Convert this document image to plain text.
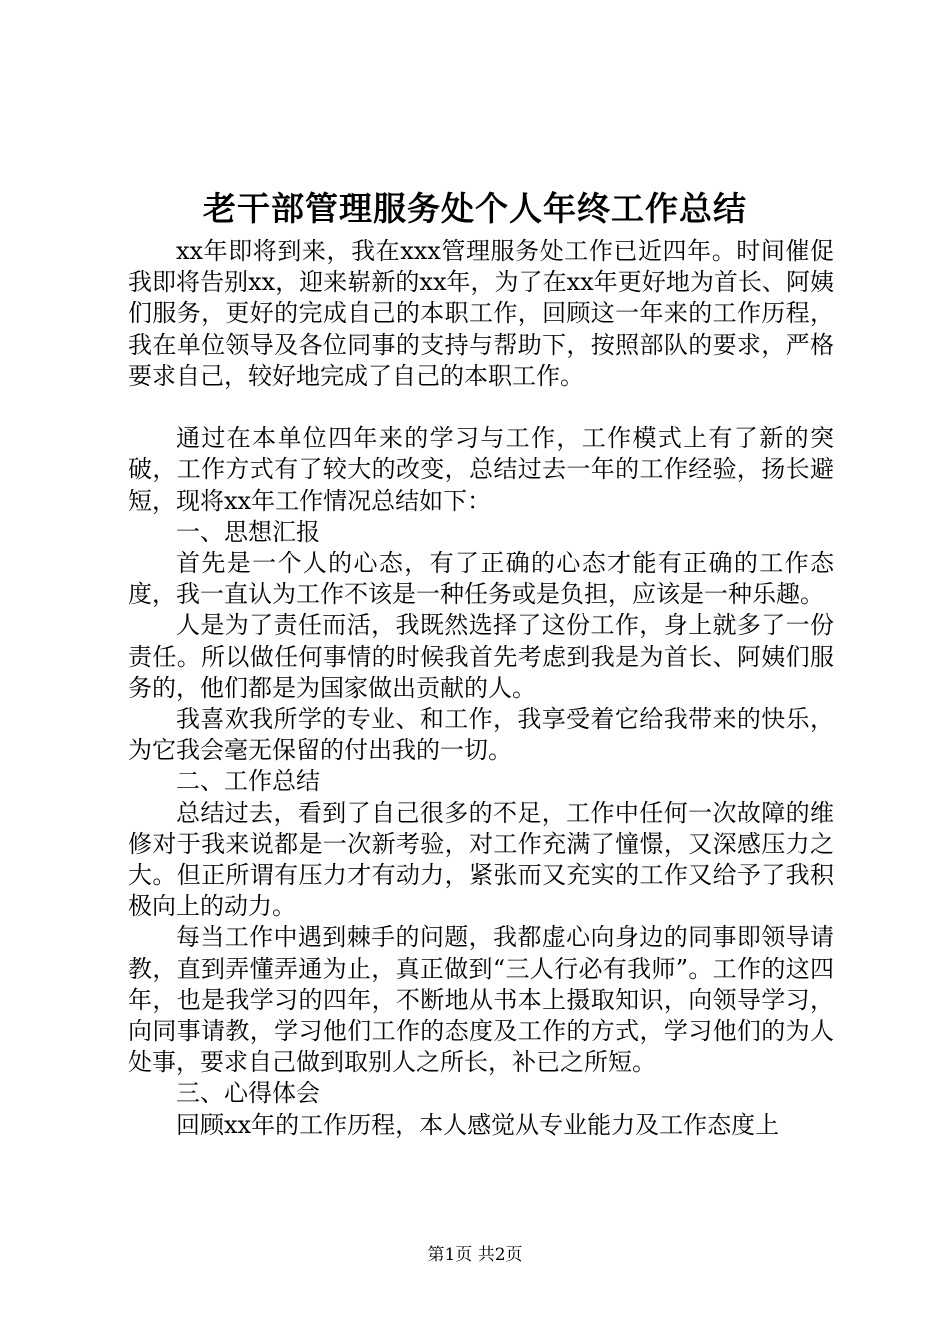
老干部管理服务处个人年终工作总结

xx年即将到来，我在xxx管理服务处工作已近四年。时间催促我即将告别xx，迎来崭新的xx年，为了在xx年更好地为首长、阿姨们服务，更好的完成自己的本职工作，回顾这一年来的工作历程，我在单位领导及各位同事的支持与帮助下，按照部队的要求，严格要求自己，较好地完成了自己的本职工作。

通过在本单位四年来的学习与工作，工作模式上有了新的突破，工作方式有了较大的改变，总结过去一年的工作经验，扬长避短，现将xx年工作情况总结如下：

一、思想汇报

首先是一个人的心态，有了正确的心态才能有正确的工作态度，我一直认为工作不该是一种任务或是负担，应该是一种乐趣。

人是为了责任而活，我既然选择了这份工作，身上就多了一份责任。所以做任何事情的时候我首先考虑到我是为首长、阿姨们服务的，他们都是为国家做出贡献的人。

我喜欢我所学的专业、和工作，我享受着它给我带来的快乐，为它我会毫无保留的付出我的一切。

二、工作总结

总结过去，看到了自己很多的不足，工作中任何一次故障的维修对于我来说都是一次新考验，对工作充满了憧憬，又深感压力之大。但正所谓有压力才有动力，紧张而又充实的工作又给予了我积极向上的动力。

每当工作中遇到棘手的问题，我都虚心向身边的同事即领导请教，直到弄懂弄通为止，真正做到“三人行必有我师”。工作的这四年，也是我学习的四年，不断地从书本上摄取知识，向领导学习，向同事请教，学习他们工作的态度及工作的方式，学习他们的为人处事，要求自己做到取别人之所长，补已之所短。

三、心得体会

回顾xx年的工作历程，本人感觉从专业能力及工作态度上

第1页 共2页
